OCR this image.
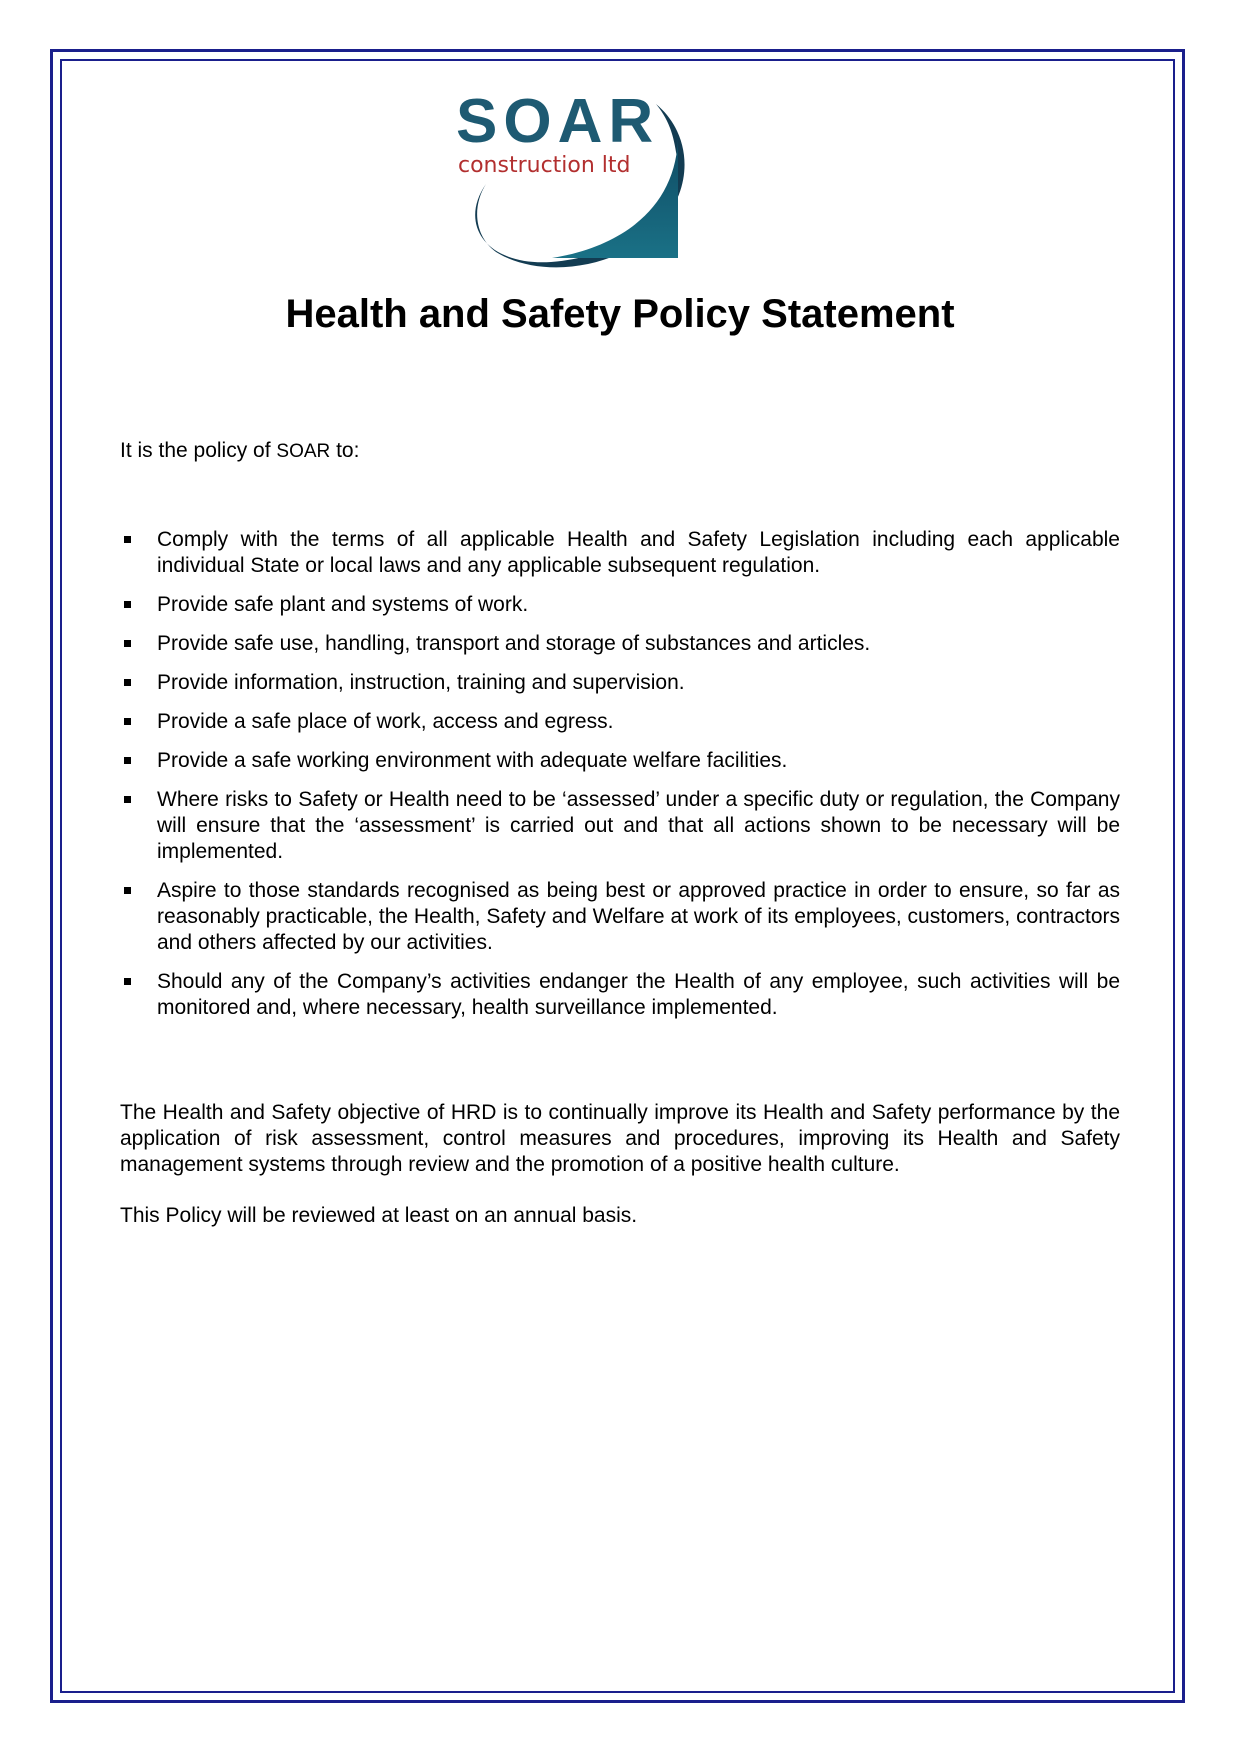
SOAR
construction ltd
Health and Safety Policy Statement

It is the policy of SOAR to:

Comply with the terms of all applicable Health and Safety Legislation including each applicable individual State or local laws and any applicable subsequent regulation.
Provide safe plant and systems of work.
Provide safe use, handling, transport and storage of substances and articles.
Provide information, instruction, training and supervision.
Provide a safe place of work, access and egress.
Provide a safe working environment with adequate welfare facilities.
Where risks to Safety or Health need to be ‘assessed’ under a specific duty or regulation, the Company will ensure that the ‘assessment’ is carried out and that all actions shown to be necessary will be implemented.
Aspire to those standards recognised as being best or approved practice in order to ensure, so far as reasonably practicable, the Health, Safety and Welfare at work of its employees, customers, contractors and others affected by our activities.
Should any of the Company’s activities endanger the Health of any employee, such activities will be monitored and, where necessary, health surveillance implemented.

The Health and Safety objective of HRD is to continually improve its Health and Safety performance by the application of risk assessment, control measures and procedures, improving its Health and Safety management systems through review and the promotion of a positive health culture.

This Policy will be reviewed at least on an annual basis.
